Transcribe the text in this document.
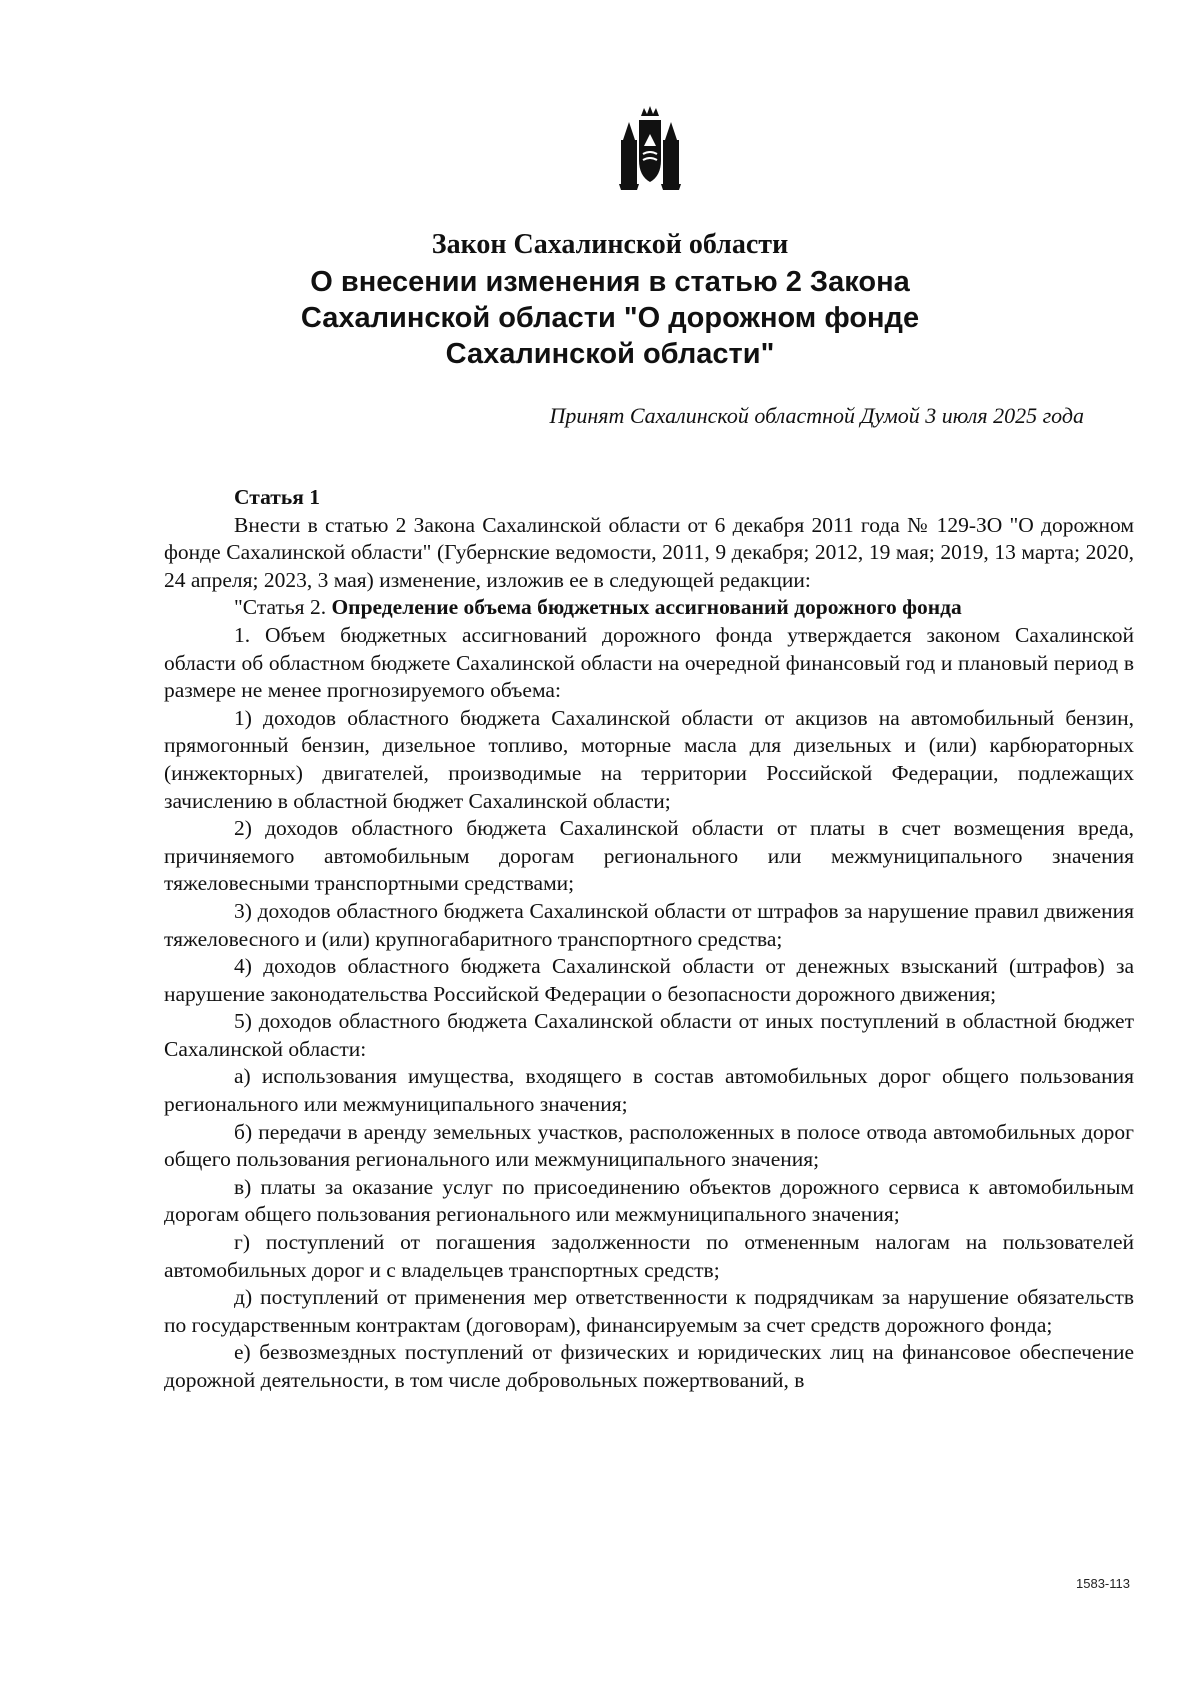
Закон Сахалинской области
О внесении изменения в статью 2 Закона
Сахалинской области "О дорожном фонде
Сахалинской области"
Принят Сахалинской областной Думой 3 июля 2025 года

Статья 1

Внести в статью 2 Закона Сахалинской области от 6 декабря 2011 года № 129-ЗО "О дорожном фонде Сахалинской области" (Губернские ведомости, 2011, 9 декабря; 2012, 19 мая; 2019, 13 марта; 2020, 24 апреля; 2023, 3 мая) изменение, изложив ее в следующей редакции:

"Статья 2. Определение объема бюджетных ассигнований дорожного фонда

1. Объем бюджетных ассигнований дорожного фонда утверждается законом Сахалинской области об областном бюджете Сахалинской области на очередной финансовый год и плановый период в размере не менее прогнозируемого объема:

1) доходов областного бюджета Сахалинской области от акцизов на автомобильный бензин, прямогонный бензин, дизельное топливо, моторные масла для дизельных и (или) карбюраторных (инжекторных) двигателей, производимые на территории Российской Федерации, подлежащих зачислению в областной бюджет Сахалинской области;

2) доходов областного бюджета Сахалинской области от платы в счет возмещения вреда, причиняемого автомобильным дорогам регионального или межмуниципального значения тяжеловесными транспортными средствами;

3) доходов областного бюджета Сахалинской области от штрафов за нарушение правил движения тяжеловесного и (или) крупногабаритного транспортного средства;

4) доходов областного бюджета Сахалинской области от денежных взысканий (штрафов) за нарушение законодательства Российской Федерации о безопасности дорожного движения;

5) доходов областного бюджета Сахалинской области от иных поступлений в областной бюджет Сахалинской области:

а) использования имущества, входящего в состав автомобильных дорог общего пользования регионального или межмуниципального значения;

б) передачи в аренду земельных участков, расположенных в полосе отвода автомобильных дорог общего пользования регионального или межмуниципального значения;

в) платы за оказание услуг по присоединению объектов дорожного сервиса к автомобильным дорогам общего пользования регионального или межмуниципального значения;

г) поступлений от погашения задолженности по отмененным налогам на пользователей автомобильных дорог и с владельцев транспортных средств;

д) поступлений от применения мер ответственности к подрядчикам за нарушение обязательств по государственным контрактам (договорам), финансируемым за счет средств дорожного фонда;

е) безвозмездных поступлений от физических и юридических лиц на финансовое обеспечение дорожной деятельности, в том числе добровольных пожертвований, в

1583-113
